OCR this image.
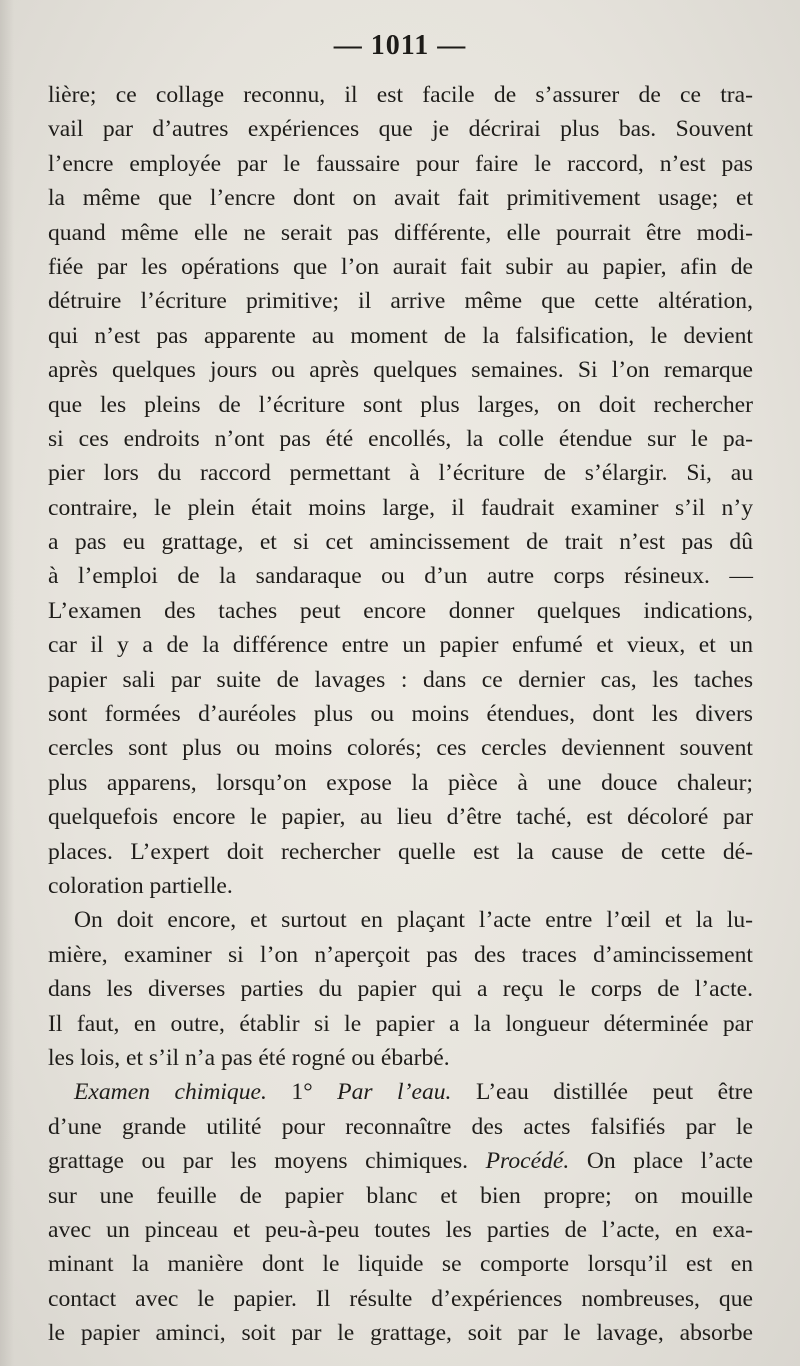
— 1011 —
lière; ce collage reconnu, il est facile de s’assurer de ce tra-
vail par d’autres expériences que je décrirai plus bas. Souvent
l’encre employée par le faussaire pour faire le raccord, n’est pas
la même que l’encre dont on avait fait primitivement usage; et
quand même elle ne serait pas différente, elle pourrait être modi-
fiée par les opérations que l’on aurait fait subir au papier, afin de
détruire l’écriture primitive; il arrive même que cette altération,
qui n’est pas apparente au moment de la falsification, le devient
après quelques jours ou après quelques semaines. Si l’on remarque
que les pleins de l’écriture sont plus larges, on doit rechercher
si ces endroits n’ont pas été encollés, la colle étendue sur le pa-
pier lors du raccord permettant à l’écriture de s’élargir. Si, au
contraire, le plein était moins large, il faudrait examiner s’il n’y
a pas eu grattage, et si cet amincissement de trait n’est pas dû
à l’emploi de la sandaraque ou d’un autre corps résineux. —
L’examen des taches peut encore donner quelques indications,
car il y a de la différence entre un papier enfumé et vieux, et un
papier sali par suite de lavages : dans ce dernier cas, les taches
sont formées d’auréoles plus ou moins étendues, dont les divers
cercles sont plus ou moins colorés; ces cercles deviennent souvent
plus apparens, lorsqu’on expose la pièce à une douce chaleur;
quelquefois encore le papier, au lieu d’être taché, est décoloré par
places. L’expert doit rechercher quelle est la cause de cette dé-
coloration partielle.
On doit encore, et surtout en plaçant l’acte entre l’œil et la lu-
mière, examiner si l’on n’aperçoit pas des traces d’amincissement
dans les diverses parties du papier qui a reçu le corps de l’acte.
Il faut, en outre, établir si le papier a la longueur déterminée par
les lois, et s’il n’a pas été rogné ou ébarbé.
Examen chimique. 1° Par l’eau. L’eau distillée peut être
d’une grande utilité pour reconnaître des actes falsifiés par le
grattage ou par les moyens chimiques. Procédé. On place l’acte
sur une feuille de papier blanc et bien propre; on mouille
avec un pinceau et peu-à-peu toutes les parties de l’acte, en exa-
minant la manière dont le liquide se comporte lorsqu’il est en
contact avec le papier. Il résulte d’expériences nombreuses, que
le papier aminci, soit par le grattage, soit par le lavage, absorbe
